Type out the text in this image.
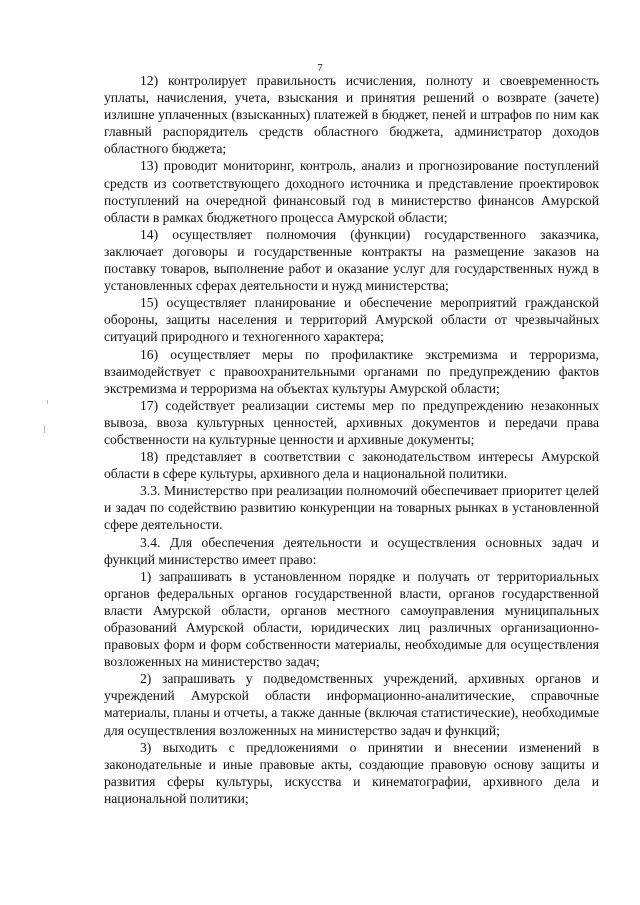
7

12) контролирует правильность исчисления, полноту и своевременность уплаты, начисления, учета, взыскания и принятия решений о возврате (зачете) излишне уплаченных (взысканных) платежей в бюджет, пеней и штрафов по ним как главный распорядитель средств областного бюджета, администратор доходов областного бюджета;

13) проводит мониторинг, контроль, анализ и прогнозирование поступлений средств из соответствующего доходного источника и представление проектировок поступлений на очередной финансовый год в министерство финансов Амурской области в рамках бюджетного процесса Амурской области;

14) осуществляет полномочия (функции) государственного заказчика, заключает договоры и государственные контракты на размещение заказов на поставку товаров, выполнение работ и оказание услуг для государственных нужд в установленных сферах деятельности и нужд министерства;

15) осуществляет планирование и обеспечение мероприятий гражданской обороны, защиты населения и территорий Амурской области от чрезвычайных ситуаций природного и техногенного характера;

16) осуществляет меры по профилактике экстремизма и терроризма, взаимодействует с правоохранительными органами по предупреждению фактов экстремизма и терроризма на объектах культуры Амурской области;

17) содействует реализации системы мер по предупреждению незаконных вывоза, ввоза культурных ценностей, архивных документов и передачи права собственности на культурные ценности и архивные документы;

18) представляет в соответствии с законодательством интересы Амурской области в сфере культуры, архивного дела и национальной политики.

3.3. Министерство при реализации полномочий обеспечивает приоритет целей и задач по содействию развитию конкуренции на товарных рынках в установленной сфере деятельности.

3.4. Для обеспечения деятельности и осуществления основных задач и функций министерство имеет право:

1) запрашивать в установленном порядке и получать от территориальных органов федеральных органов государственной власти, органов государственной власти Амурской области, органов местного самоуправления муниципальных образований Амурской области, юридических лиц различных организационно-правовых форм и форм собственности материалы, необходимые для осуществления возложенных на министерство задач;

2) запрашивать у подведомственных учреждений, архивных органов и учреждений Амурской области информационно-аналитические, справочные материалы, планы и отчеты, а также данные (включая статистические), необходимые для осуществления возложенных на министерство задач и функций;

3) выходить с предложениями о принятии и внесении изменений в законодательные и иные правовые акты, создающие правовую основу защиты и развития сферы культуры, искусства и кинематографии, архивного дела и национальной политики;
